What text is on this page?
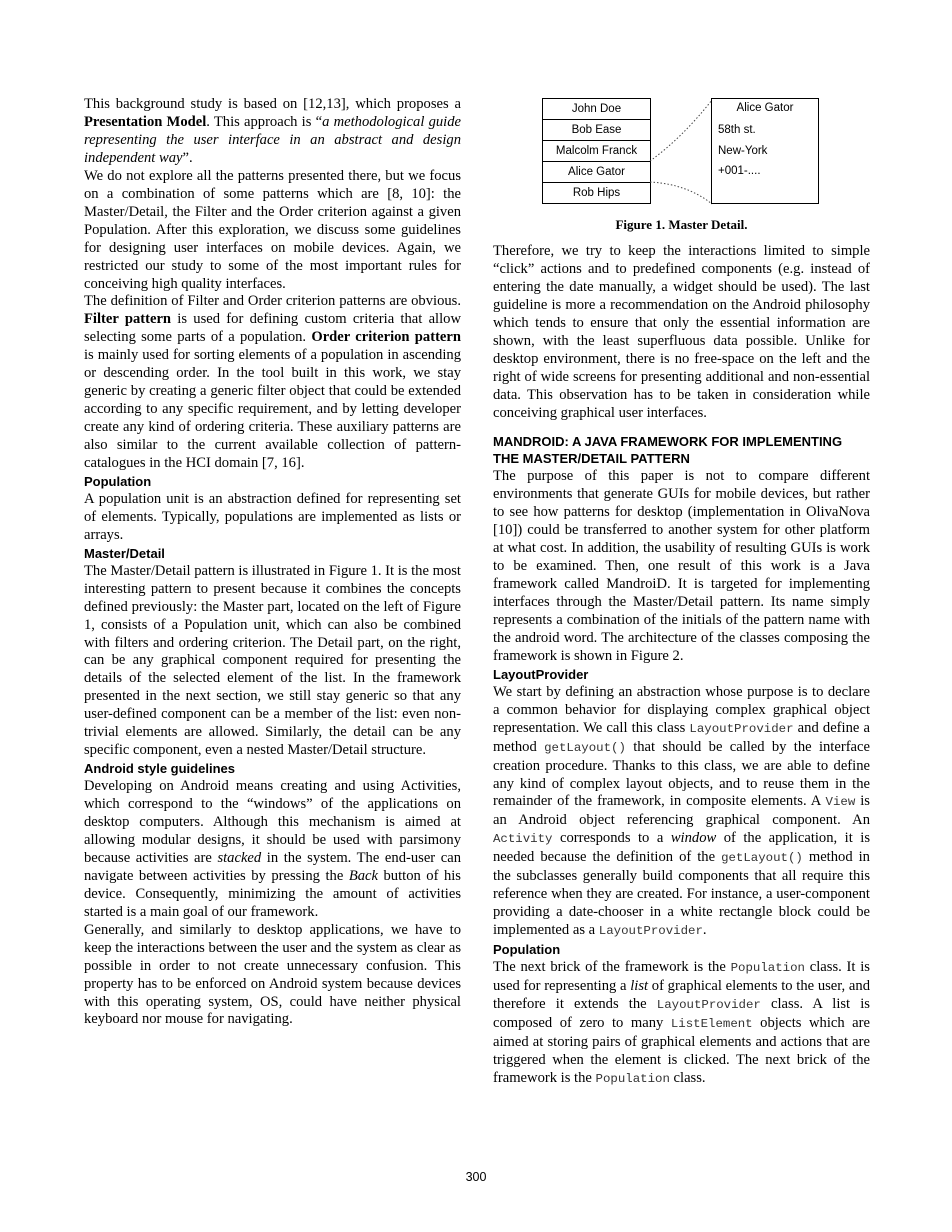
This background study is based on [12,13], which proposes a Presentation Model. This approach is “a methodological guide representing the user interface in an abstract and design independent way”.

We do not explore all the patterns presented there, but we focus on a combination of some patterns which are [8, 10]: the Master/Detail, the Filter and the Order criterion against a given Population. After this exploration, we discuss some guidelines for designing user interfaces on mobile devices. Again, we restricted our study to some of the most important rules for conceiving high quality interfaces.

The definition of Filter and Order criterion patterns are obvious. Filter pattern is used for defining custom criteria that allow selecting some parts of a population. Order criterion pattern is mainly used for sorting elements of a population in ascending or descending order. In the tool built in this work, we stay generic by creating a generic filter object that could be extended according to any specific requirement, and by letting developer create any kind of ordering criteria. These auxiliary patterns are also similar to the current available collection of pattern-catalogues in the HCI domain [7, 16].

Population

A population unit is an abstraction defined for representing set of elements. Typically, populations are implemented as lists or arrays.

Master/Detail

The Master/Detail pattern is illustrated in Figure 1. It is the most interesting pattern to present because it combines the concepts defined previously: the Master part, located on the left of Figure 1, consists of a Population unit, which can also be combined with filters and ordering criterion. The Detail part, on the right, can be any graphical component required for presenting the details of the selected element of the list. In the framework presented in the next section, we still stay generic so that any user-defined component can be a member of the list: even non-trivial elements are allowed. Similarly, the detail can be any specific component, even a nested Master/Detail structure.

Android style guidelines

Developing on Android means creating and using Activities, which correspond to the “windows” of the applications on desktop computers. Although this mechanism is aimed at allowing modular designs, it should be used with parsimony because activities are stacked in the system. The end-user can navigate between activities by pressing the Back button of his device. Consequently, minimizing the amount of activities started is a main goal of our framework.

Generally, and similarly to desktop applications, we have to keep the interactions between the user and the system as clear as possible in order to not create unnecessary confusion. This property has to be enforced on Android system because devices with this operating system, OS, could have neither physical keyboard nor mouse for navigating.

John Doe
Bob Ease
Malcolm Franck
Alice Gator
Rob Hips
Alice Gator
58th st.
New-York
+001-....
Figure 1. Master Detail.

Therefore, we try to keep the interactions limited to simple “click” actions and to predefined components (e.g. instead of entering the date manually, a widget should be used). The last guideline is more a recommendation on the Android philosophy which tends to ensure that only the essential information are shown, with the least superfluous data possible. Unlike for desktop environment, there is no free-space on the left and the right of wide screens for presenting additional and non-essential data. This observation has to be taken in consideration while conceiving graphical user interfaces.

MANDROID: A JAVA FRAMEWORK FOR IMPLEMENTING THE MASTER/DETAIL PATTERN

The purpose of this paper is not to compare different environments that generate GUIs for mobile devices, but rather to see how patterns for desktop (implementation in OlivaNova [10]) could be transferred to another system for other platform at what cost. In addition, the usability of resulting GUIs is work to be examined. Then, one result of this work is a Java framework called MandroiD. It is targeted for implementing interfaces through the Master/Detail pattern. Its name simply represents a combination of the initials of the pattern name with the android word. The architecture of the classes composing the framework is shown in Figure 2.

LayoutProvider

We start by defining an abstraction whose purpose is to declare a common behavior for displaying complex graphical object representation. We call this class LayoutProvider and define a method getLayout() that should be called by the interface creation procedure. Thanks to this class, we are able to define any kind of complex layout objects, and to reuse them in the remainder of the framework, in composite elements. A View is an Android object referencing graphical component. An Activity corresponds to a window of the application, it is needed because the definition of the getLayout() method in the subclasses generally build components that all require this reference when they are created. For instance, a user-component providing a date-chooser in a white rectangle block could be implemented as a LayoutProvider.

Population

The next brick of the framework is the Population class. It is used for representing a list of graphical elements to the user, and therefore it extends the LayoutProvider class. A list is composed of zero to many ListElement objects which are aimed at storing pairs of graphical elements and actions that are triggered when the element is clicked. The next brick of the framework is the Population class.

300
